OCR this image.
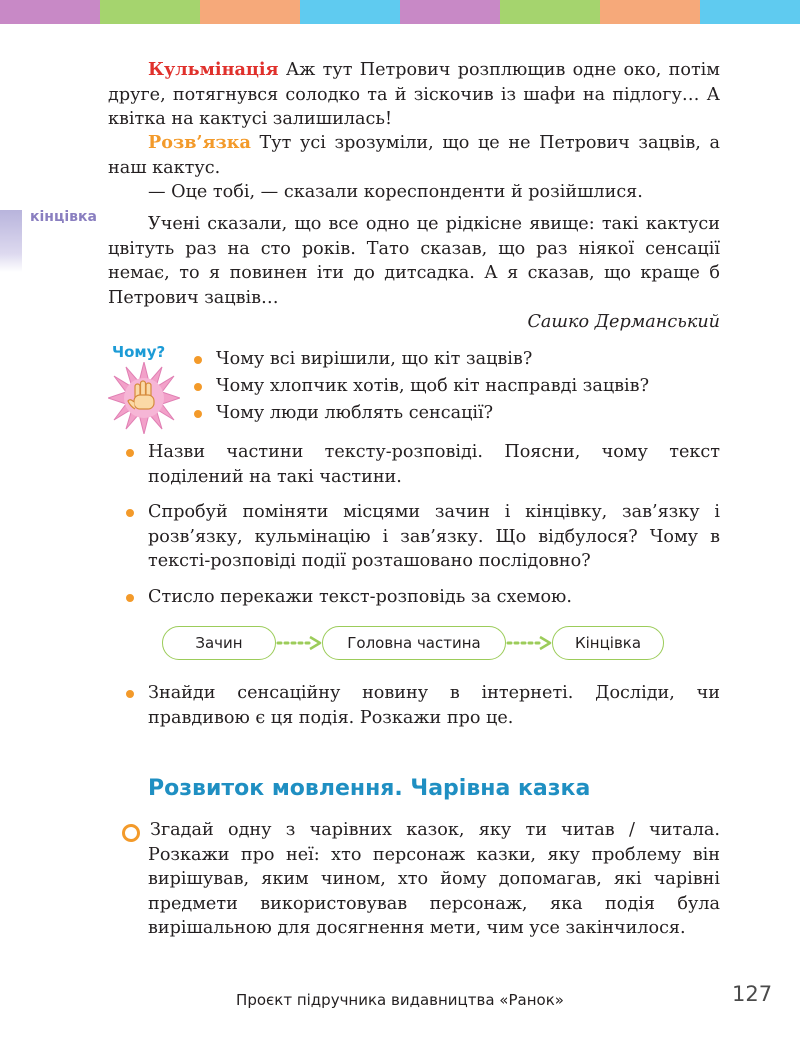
кінцівка
Кульмінація Аж тут Петрович розплющив одне око, потім друге, потягнувся солодко та й зіскочив із шафи на підлогу… А квітка на кактусі залишилась!
Розв’язка Тут усі зрозуміли, що це не Петрович зацвів, а наш кактус.
— Оце тобі, — сказали кореспонденти й розійшлися.
Учені сказали, що все одно це рідкісне явище: такі кактуси цвітуть раз на сто років. Тато сказав, що раз ніякої сенсації немає, то я повинен іти до дитсадка. А я сказав, що краще б Петрович зацвів…
Сашко Дерманський
Чому?	Чому всі вирішили, що кіт зацвів?
Чому хлопчик хотів, щоб кіт насправді зацвів?
Чому люди люблять сенсації?
Назви частини тексту-розповіді. Поясни, чому текст поділений на такі частини.
Спробуй поміняти місцями зачин і кінцівку, зав’язку і розв’язку, кульмінацію і зав’язку. Що відбулося? Чому в тексті-розповіді події розташовано послідовно?
Стисло перекажи текст-розповідь за схемою.
Зачин	Головна частина	Кінцівка
Знайди сенсаційну новину в інтернеті. Досліди, чи правдивою є ця подія. Розкажи про це.
Розвиток мовлення. Чарівна казка
Згадай одну з чарівних казок, яку ти читав / читала. Розкажи про неї: хто персонаж казки, яку проблему він вирішував, яким чином, хто йому допомагав, які чарівні предмети використовував персонаж, яка подія була вирішальною для досягнення мети, чим усе закінчилося.
Проєкт підручника видавництва «Ранок»	127
